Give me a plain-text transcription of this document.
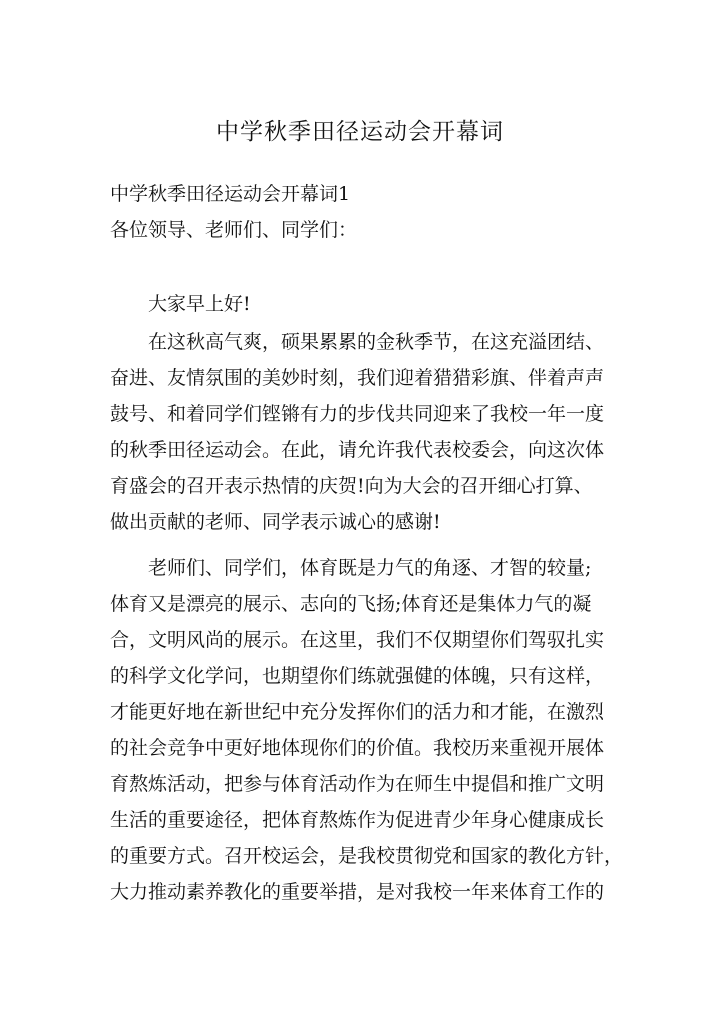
中学秋季田径运动会开幕词
中学秋季田径运动会开幕词1
各位领导、老师们、同学们：
大家早上好!
在这秋高气爽，硕果累累的金秋季节，在这充溢团结、
奋进、友情氛围的美妙时刻，我们迎着猎猎彩旗、伴着声声
鼓号、和着同学们铿锵有力的步伐共同迎来了我校一年一度
的秋季田径运动会。在此，请允许我代表校委会，向这次体
育盛会的召开表示热情的庆贺!向为大会的召开细心打算、
做出贡献的老师、同学表示诚心的感谢!
老师们、同学们，体育既是力气的角逐、才智的较量;
体育又是漂亮的展示、志向的飞扬;体育还是集体力气的凝
合，文明风尚的展示。在这里，我们不仅期望你们驾驭扎实
的科学文化学问，也期望你们练就强健的体魄，只有这样，
才能更好地在新世纪中充分发挥你们的活力和才能，在激烈
的社会竞争中更好地体现你们的价值。我校历来重视开展体
育熬炼活动，把参与体育活动作为在师生中提倡和推广文明
生活的重要途径，把体育熬炼作为促进青少年身心健康成长
的重要方式。召开校运会，是我校贯彻党和国家的教化方针，
大力推动素养教化的重要举措，是对我校一年来体育工作的
